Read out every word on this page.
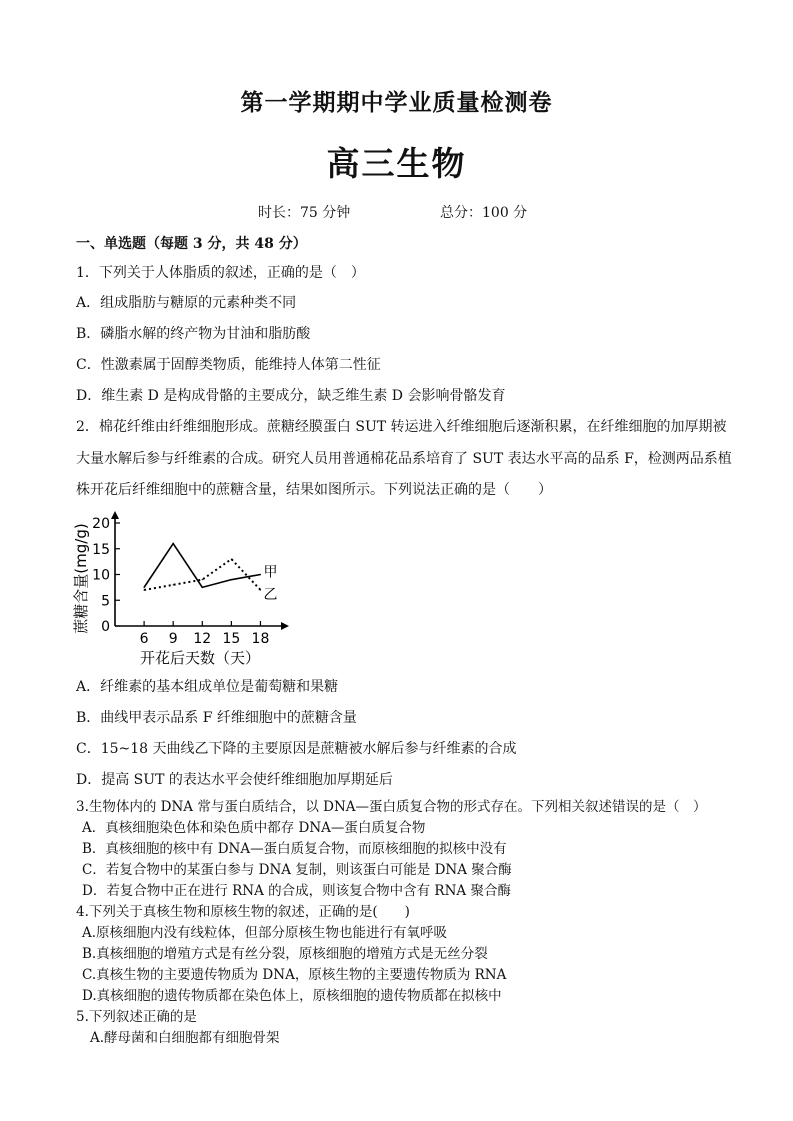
第一学期期中学业质量检测卷
高三生物
时长：75 分钟	总分：100 分
一、单选题（每题 3 分，共 48 分）
1．下列关于人体脂质的叙述，正确的是（　）
A．组成脂肪与糖原的元素种类不同
B．磷脂水解的终产物为甘油和脂肪酸
C．性激素属于固醇类物质，能维持人体第二性征
D．维生素 D 是构成骨骼的主要成分，缺乏维生素 D 会影响骨骼发育
2．棉花纤维由纤维细胞形成。蔗糖经膜蛋白 SUT 转运进入纤维细胞后逐渐积累，在纤维细胞的加厚期被
大量水解后参与纤维素的合成。研究人员用普通棉花品系培育了 SUT 表达水平高的品系 F，检测两品系植
株开花后纤维细胞中的蔗糖含量，结果如图所示。下列说法正确的是（　　）
0
5
10
15
20
6 9 12 15 18
蔗糖含量(mg/g)
开花后天数（天）
甲
乙
A．纤维素的基本组成单位是葡萄糖和果糖
B．曲线甲表示品系 F 纤维细胞中的蔗糖含量
C．15~18 天曲线乙下降的主要原因是蔗糖被水解后参与纤维素的合成
D．提高 SUT 的表达水平会使纤维细胞加厚期延后
3.生物体内的 DNA 常与蛋白质结合，以 DNA—蛋白质复合物的形式存在。下列相关叙述错误的是（　）
A．真核细胞染色体和染色质中都存 DNA—蛋白质复合物
B．真核细胞的核中有 DNA—蛋白质复合物，而原核细胞的拟核中没有
C．若复合物中的某蛋白参与 DNA 复制，则该蛋白可能是 DNA 聚合酶
D．若复合物中正在进行 RNA 的合成，则该复合物中含有 RNA 聚合酶
4.下列关于真核生物和原核生物的叙述，正确的是(　　)
A.原核细胞内没有线粒体，但部分原核生物也能进行有氧呼吸
B.真核细胞的增殖方式是有丝分裂，原核细胞的增殖方式是无丝分裂
C.真核生物的主要遗传物质为 DNA，原核生物的主要遗传物质为 RNA
D.真核细胞的遗传物质都在染色体上，原核细胞的遗传物质都在拟核中
5.下列叙述正确的是
A.酵母菌和白细胞都有细胞骨架
